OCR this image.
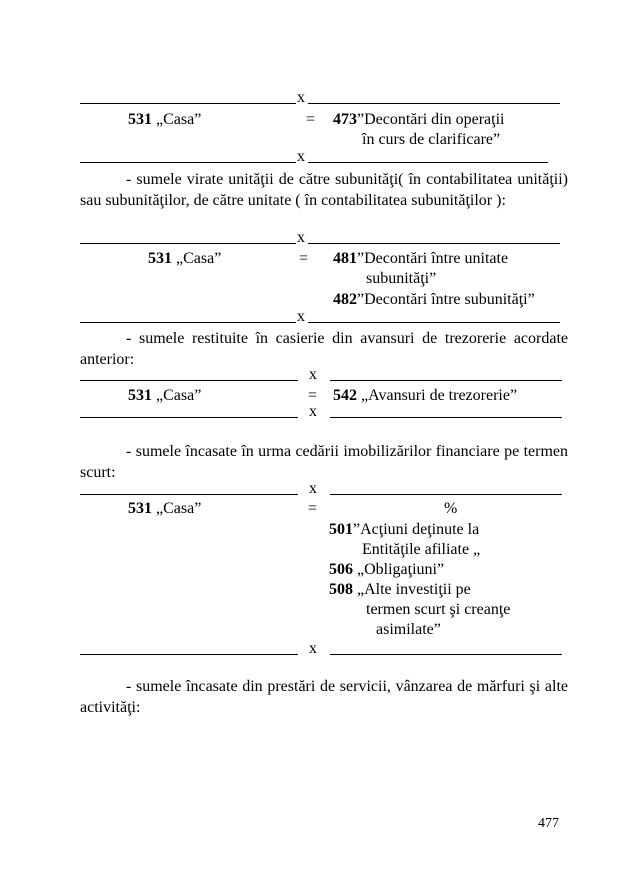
x
531 „Casa”	= 473”Decontări din operaţii
în curs de clarificare”
x
- sumele virate unităţii de către subunităţi( în contabilitatea unităţii) sau subunităţilor, de către unitate ( în contabilitatea subunităţilor ):
x
531 „Casa”	= 481”Decontări între unitate
subunităţi”
482”Decontări între subunităţi”
x
- sumele restituite în casierie din avansuri de trezorerie acordate anterior:
x
531 „Casa”	= 542 „Avansuri de trezorerie”
x
- sumele încasate în urma cedării imobilizărilor financiare pe termen scurt:
x
531 „Casa”	=	%
501”Acţiuni deţinute la
Entităţile afiliate „
506 „Obligaţiuni”
508 „Alte investiţii pe
termen scurt şi creanţe
asimilate”
x
- sumele încasate din prestări de servicii, vânzarea de mărfuri şi alte activităţi:
477
